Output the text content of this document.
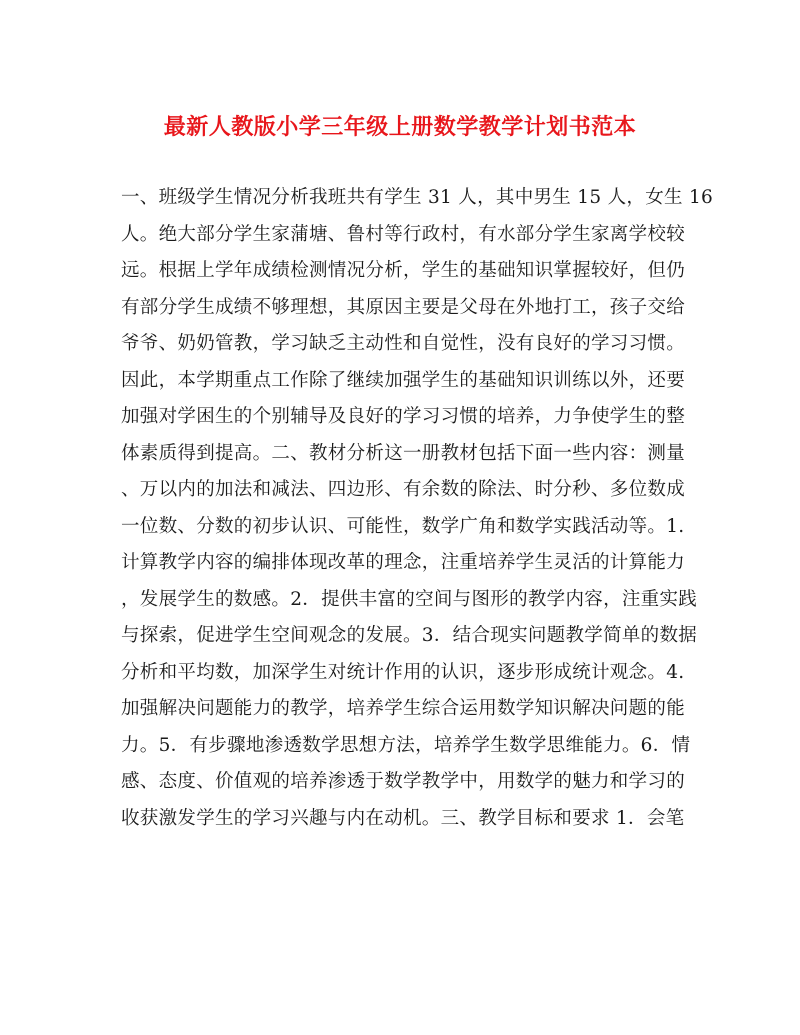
最新人教版小学三年级上册数学教学计划书范本
一、班级学生情况分析我班共有学生 31 人，其中男生 15 人，女生 16
人。绝大部分学生家蒲塘、鲁村等行政村，有水部分学生家离学校较
远。根据上学年成绩检测情况分析，学生的基础知识掌握较好，但仍
有部分学生成绩不够理想，其原因主要是父母在外地打工，孩子交给
爷爷、奶奶管教，学习缺乏主动性和自觉性，没有良好的学习习惯。
因此，本学期重点工作除了继续加强学生的基础知识训练以外，还要
加强对学困生的个别辅导及良好的学习习惯的培养，力争使学生的整
体素质得到提高。二、教材分析这一册教材包括下面一些内容：测量
、万以内的加法和减法、四边形、有余数的除法、时分秒、多位数成
一位数、分数的初步认识、可能性，数学广角和数学实践活动等。1.
计算教学内容的编排体现改革的理念，注重培养学生灵活的计算能力
，发展学生的数感。2．提供丰富的空间与图形的教学内容，注重实践
与探索，促进学生空间观念的发展。3．结合现实问题教学简单的数据
分析和平均数，加深学生对统计作用的认识，逐步形成统计观念。4.
加强解决问题能力的教学，培养学生综合运用数学知识解决问题的能
力。5．有步骤地渗透数学思想方法，培养学生数学思维能力。6．情
感、态度、价值观的培养渗透于数学教学中，用数学的魅力和学习的
收获激发学生的学习兴趣与内在动机。三、教学目标和要求 1．会笔
